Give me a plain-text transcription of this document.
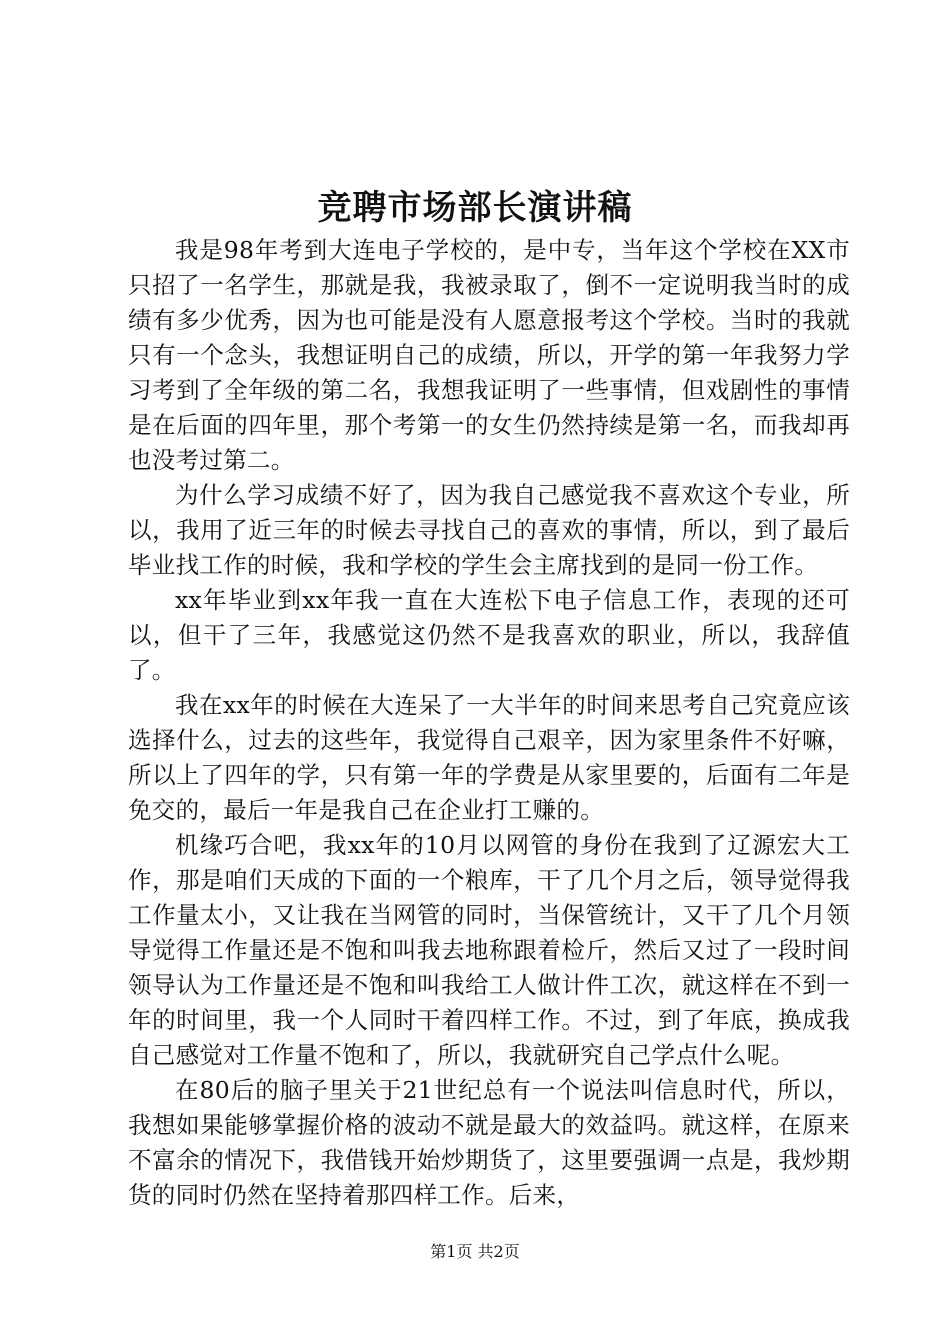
竞聘市场部长演讲稿

我是98年考到大连电子学校的，是中专，当年这个学校在XX市只招了一名学生，那就是我，我被录取了，倒不一定说明我当时的成绩有多少优秀，因为也可能是没有人愿意报考这个学校。当时的我就只有一个念头，我想证明自己的成绩，所以，开学的第一年我努力学习考到了全年级的第二名，我想我证明了一些事情，但戏剧性的事情是在后面的四年里，那个考第一的女生仍然持续是第一名，而我却再也没考过第二。

为什么学习成绩不好了，因为我自己感觉我不喜欢这个专业，所以，我用了近三年的时候去寻找自己的喜欢的事情，所以，到了最后毕业找工作的时候，我和学校的学生会主席找到的是同一份工作。

xx年毕业到xx年我一直在大连松下电子信息工作，表现的还可以，但干了三年，我感觉这仍然不是我喜欢的职业，所以，我辞值了。

我在xx年的时候在大连呆了一大半年的时间来思考自己究竟应该选择什么，过去的这些年，我觉得自己艰辛，因为家里条件不好嘛，所以上了四年的学，只有第一年的学费是从家里要的，后面有二年是免交的，最后一年是我自己在企业打工赚的。

机缘巧合吧，我xx年的10月以网管的身份在我到了辽源宏大工作，那是咱们天成的下面的一个粮库，干了几个月之后，领导觉得我工作量太小，又让我在当网管的同时，当保管统计，又干了几个月领导觉得工作量还是不饱和叫我去地称跟着检斤，然后又过了一段时间领导认为工作量还是不饱和叫我给工人做计件工次，就这样在不到一年的时间里，我一个人同时干着四样工作。不过，到了年底，换成我自己感觉对工作量不饱和了，所以，我就研究自己学点什么呢。

在80后的脑子里关于21世纪总有一个说法叫信息时代，所以，我想如果能够掌握价格的波动不就是最大的效益吗。就这样，在原来不富余的情况下，我借钱开始炒期货了，这里要强调一点是，我炒期货的同时仍然在坚持着那四样工作。后来，

第1页 共2页
